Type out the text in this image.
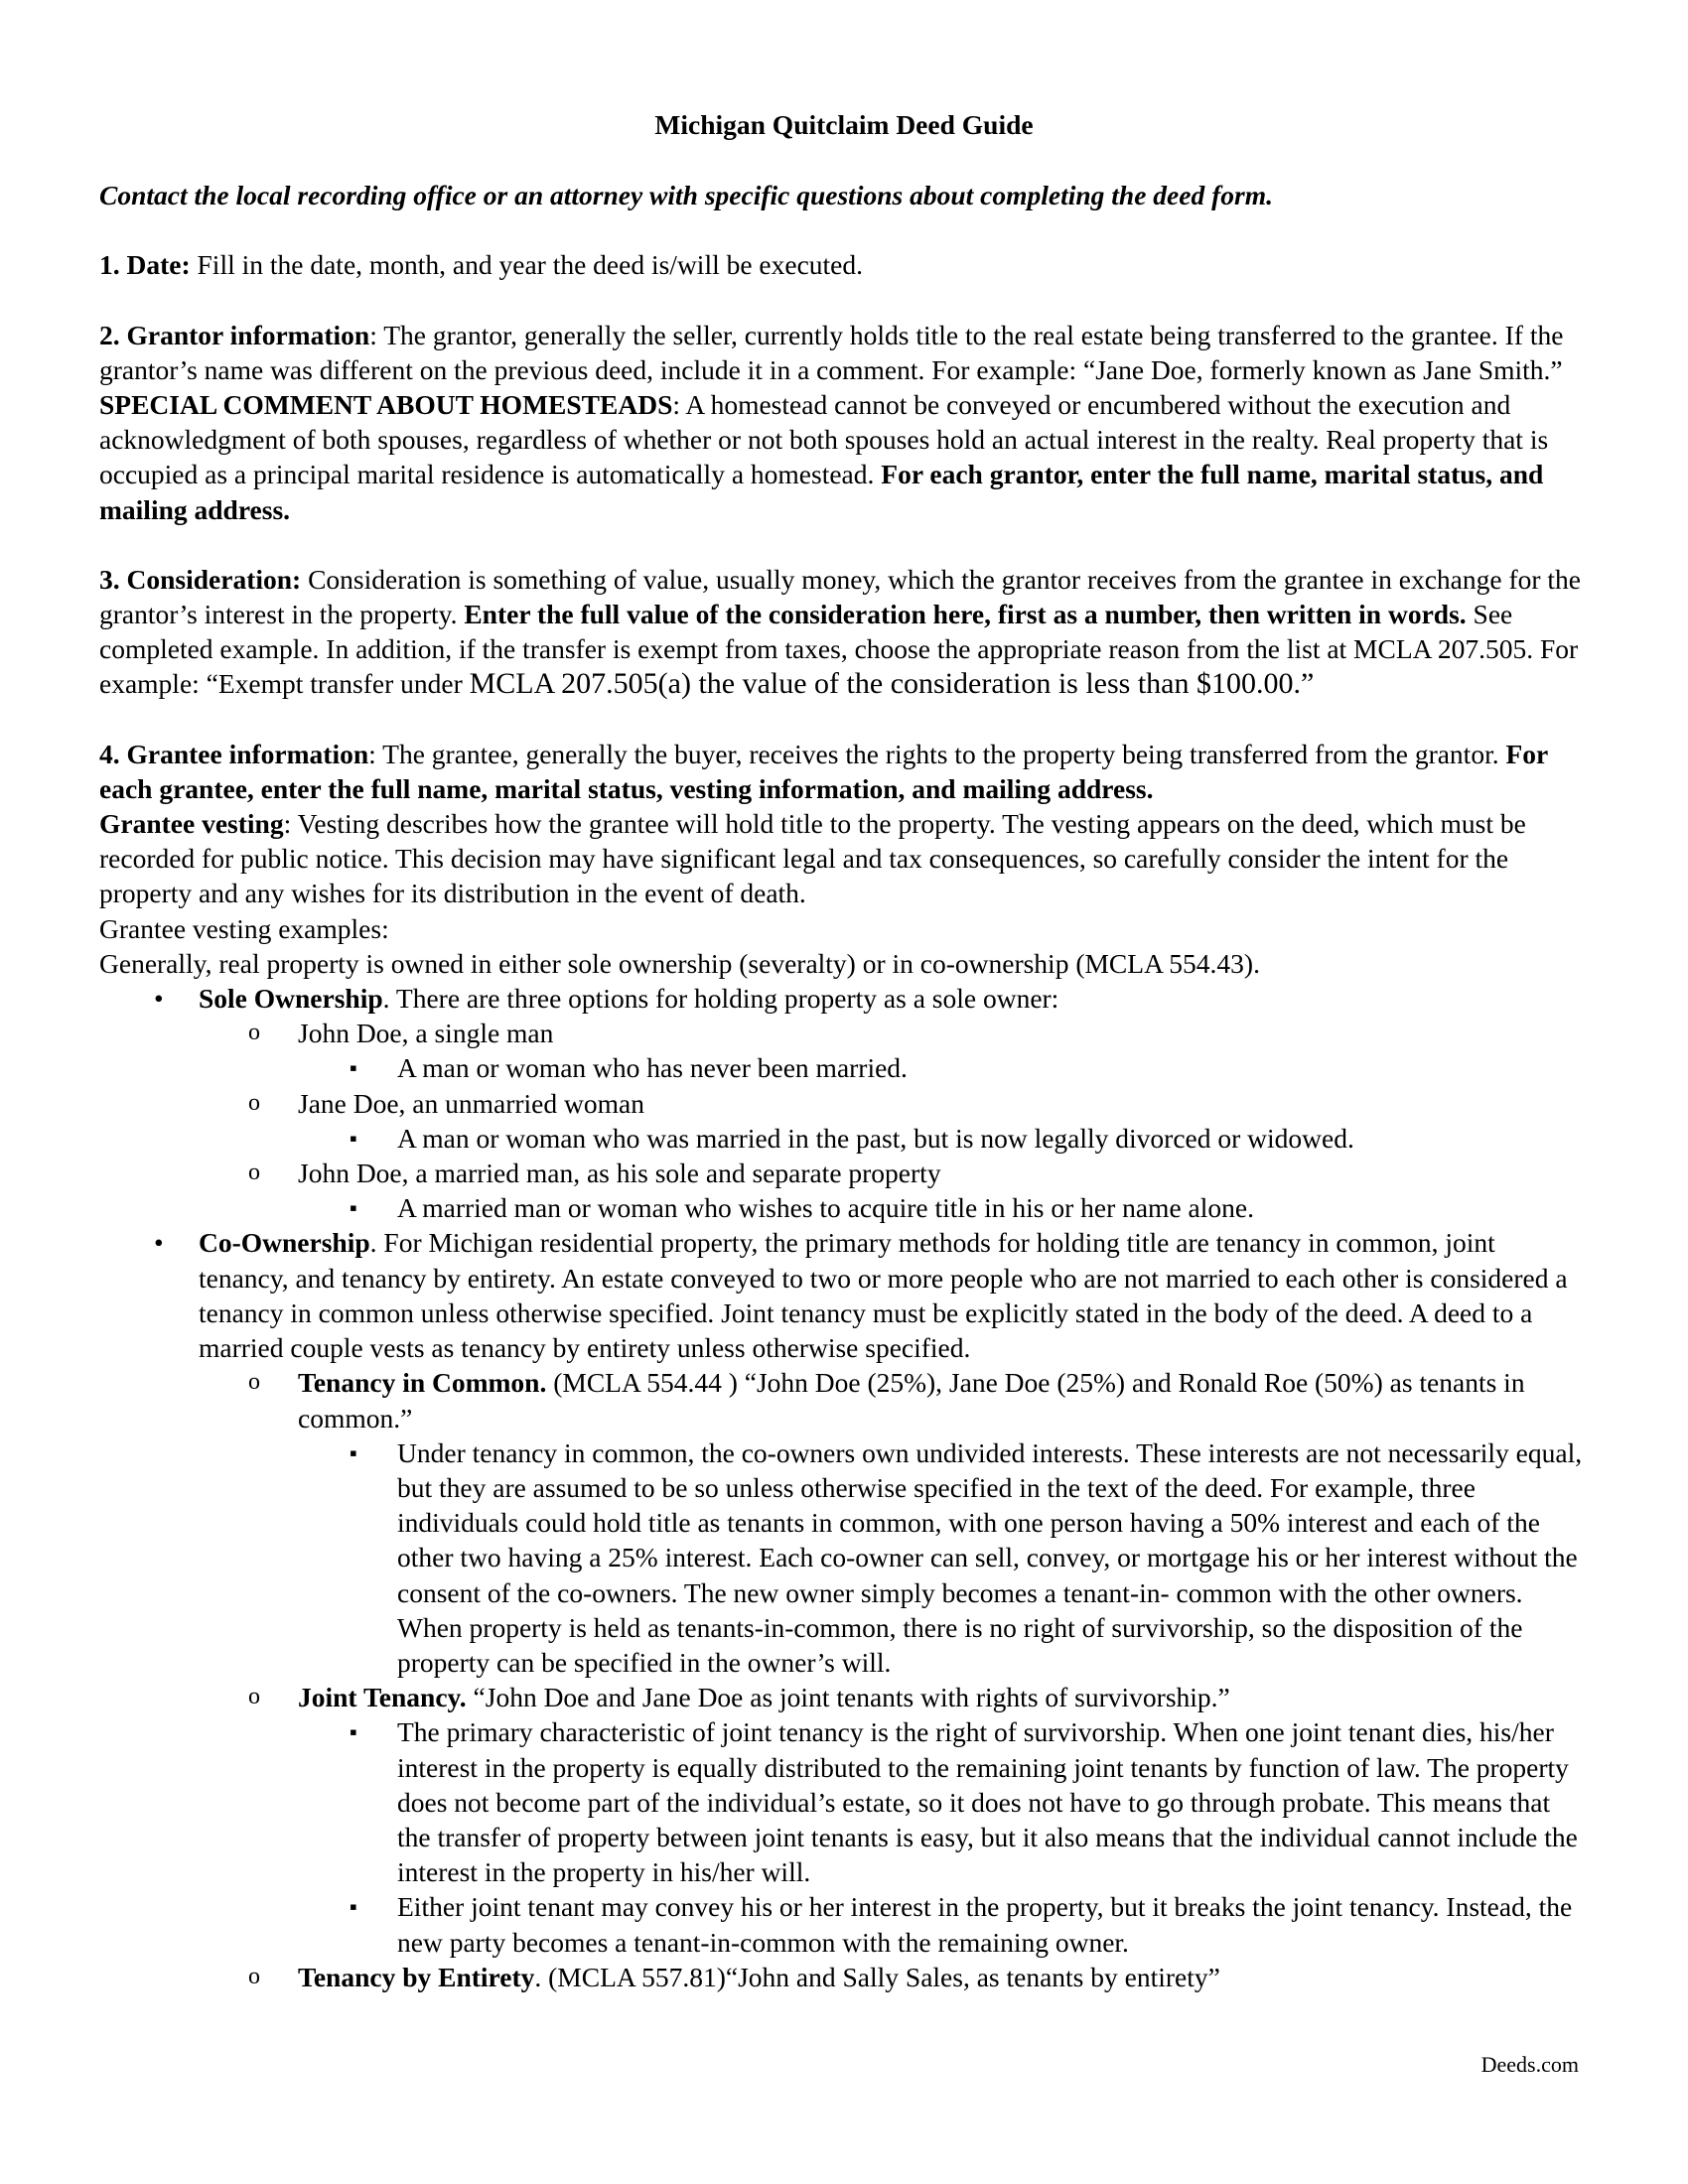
Michigan Quitclaim Deed Guide

Contact the local recording office or an attorney with specific questions about completing the deed form.

1. Date: Fill in the date, month, and year the deed is/will be executed.

2. Grantor information: The grantor, generally the seller, currently holds title to the real estate being transferred to the grantee. If the grantor’s name was different on the previous deed, include it in a comment. For example: “Jane Doe, formerly known as Jane Smith.” SPECIAL COMMENT ABOUT HOMESTEADS: A homestead cannot be conveyed or encumbered without the execution and acknowledgment of both spouses, regardless of whether or not both spouses hold an actual interest in the realty. Real property that is occupied as a principal marital residence is automatically a homestead. For each grantor, enter the full name, marital status, and mailing address.

3. Consideration: Consideration is something of value, usually money, which the grantor receives from the grantee in exchange for the grantor’s interest in the property. Enter the full value of the consideration here, first as a number, then written in words. See completed example. In addition, if the transfer is exempt from taxes, choose the appropriate reason from the list at MCLA 207.505. For example: “Exempt transfer under MCLA 207.505(a) the value of the consideration is less than $100.00.”

4. Grantee information: The grantee, generally the buyer, receives the rights to the property being transferred from the grantor. For each grantee, enter the full name, marital status, vesting information, and mailing address.

Grantee vesting: Vesting describes how the grantee will hold title to the property. The vesting appears on the deed, which must be recorded for public notice. This decision may have significant legal and tax consequences, so carefully consider the intent for the property and any wishes for its distribution in the event of death.

Grantee vesting examples:

Generally, real property is owned in either sole ownership (severalty) or in co-ownership (MCLA 554.43).

• Sole Ownership. There are three options for holding property as a sole owner:
o John Doe, a single man
▪ A man or woman who has never been married.
o Jane Doe, an unmarried woman
▪ A man or woman who was married in the past, but is now legally divorced or widowed.
o John Doe, a married man, as his sole and separate property
▪ A married man or woman who wishes to acquire title in his or her name alone.
• Co-Ownership. For Michigan residential property, the primary methods for holding title are tenancy in common, joint tenancy, and tenancy by entirety. An estate conveyed to two or more people who are not married to each other is considered a tenancy in common unless otherwise specified. Joint tenancy must be explicitly stated in the body of the deed. A deed to a married couple vests as tenancy by entirety unless otherwise specified.
o Tenancy in Common. (MCLA 554.44 ) “John Doe (25%), Jane Doe (25%) and Ronald Roe (50%) as tenants in common.”
▪ Under tenancy in common, the co-owners own undivided interests. These interests are not necessarily equal, but they are assumed to be so unless otherwise specified in the text of the deed. For example, three individuals could hold title as tenants in common, with one person having a 50% interest and each of the other two having a 25% interest. Each co-owner can sell, convey, or mortgage his or her interest without the consent of the co-owners. The new owner simply becomes a tenant-in- common with the other owners. When property is held as tenants-in-common, there is no right of survivorship, so the disposition of the property can be specified in the owner’s will.
o Joint Tenancy. “John Doe and Jane Doe as joint tenants with rights of survivorship.”
▪ The primary characteristic of joint tenancy is the right of survivorship. When one joint tenant dies, his/her interest in the property is equally distributed to the remaining joint tenants by function of law. The property does not become part of the individual’s estate, so it does not have to go through probate. This means that the transfer of property between joint tenants is easy, but it also means that the individual cannot include the interest in the property in his/her will.
▪ Either joint tenant may convey his or her interest in the property, but it breaks the joint tenancy. Instead, the new party becomes a tenant-in-common with the remaining owner.
o Tenancy by Entirety. (MCLA 557.81)“John and Sally Sales, as tenants by entirety”
Deeds.com
